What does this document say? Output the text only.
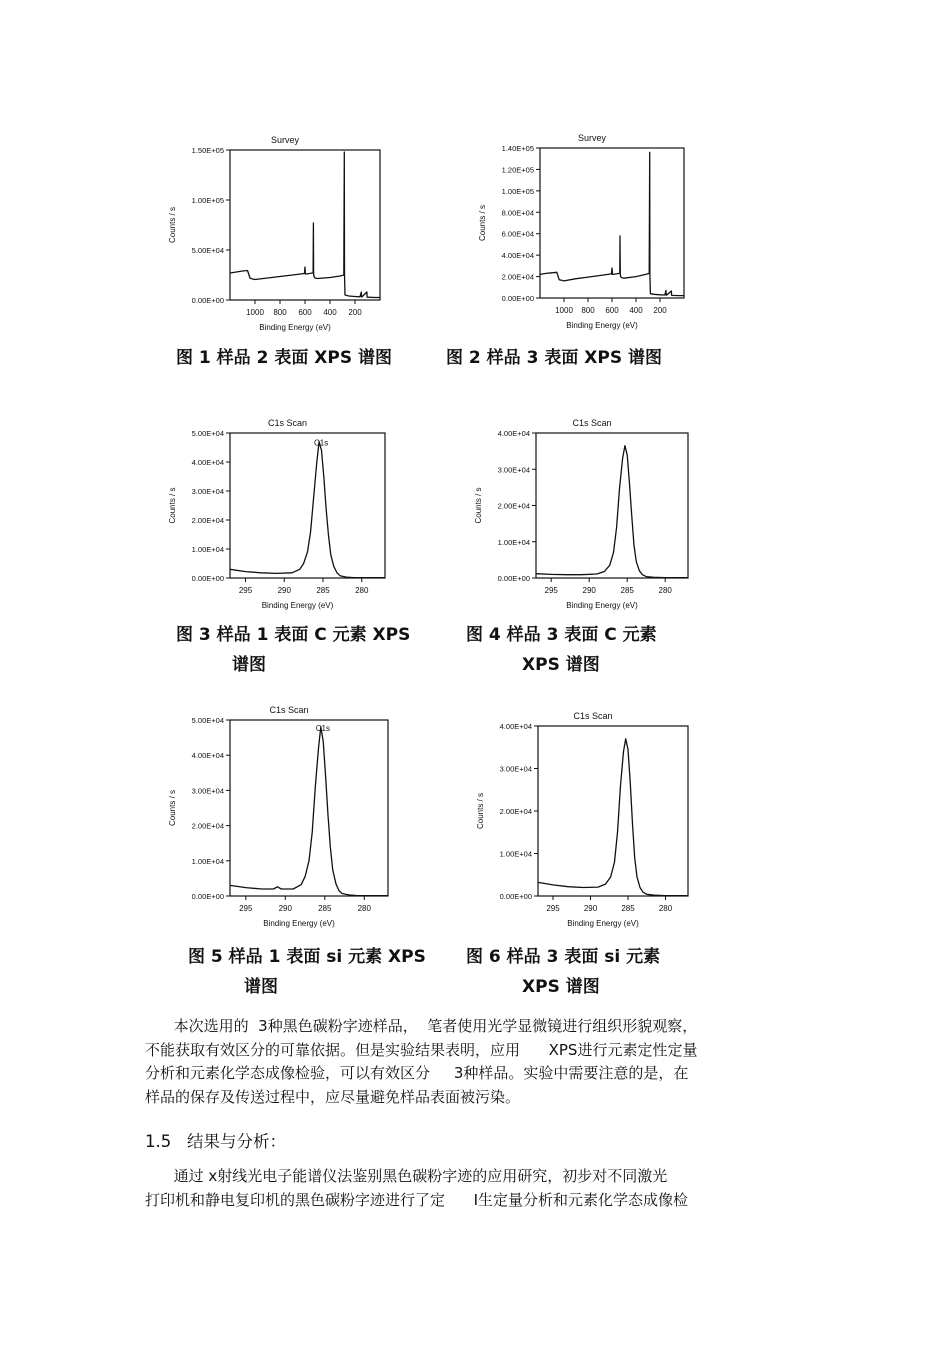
Survey
1.50E+05
1.00E+05
5.00E+04
0.00E+00
1000 800 600 400 200
Binding Energy (eV)
Counts / s
Survey
1.40E+05
1.20E+05
1.00E+05
8.00E+04
6.00E+04
4.00E+04
2.00E+04
0.00E+00
1000 800 600 400 200
Binding Energy (eV)
Counts / s
C1s Scan
5.00E+04
4.00E+04
3.00E+04
2.00E+04
1.00E+04
0.00E+00
295	290	285	280
Binding Energy (eV)
Counts / s
C1s
C1s Scan
4.00E+04
3.00E+04
2.00E+04
1.00E+04
0.00E+00
295	290	285	280
Binding Energy (eV)
Counts / s
C1s Scan
5.00E+04
4.00E+04
3.00E+04
2.00E+04
1.00E+04
0.00E+00
295	290	285	280
Binding Energy (eV)
Counts / s
C1s
C1s Scan
4.00E+04
3.00E+04
2.00E+04
1.00E+04
0.00E+00
295	290	285	280
Binding Energy (eV)
Counts / s
图 1 样品 2 表面 XPS 谱图	图 2 样品 3 表面 XPS 谱图
图 3 样品 1 表面 C 元素 XPS

谱图
图 4 样品 3 表面 C 元素

XPS 谱图
图 5 样品 1 表面 si 元素 XPS

谱图
图 6 样品 3 表面 si 元素

XPS 谱图
本次选用的  3种黑色碳粉字迹样品，  笔者使用光学显微镜进行组织形貌观察，
不能获取有效区分的可靠依据。但是实验结果表明，应用      XPS进行元素定性定量
分析和元素化学态成像检验，可以有效区分     3种样品。实验中需要注意的是，在
样品的保存及传送过程中，应尽量避免样品表面被污染。
1.5   结果与分析：
通过 x射线光电子能谱仪法鉴别黑色碳粉字迹的应用研究，初步对不同激光
打印机和静电复印机的黑色碳粉字迹进行了定      I生定量分析和元素化学态成像检
